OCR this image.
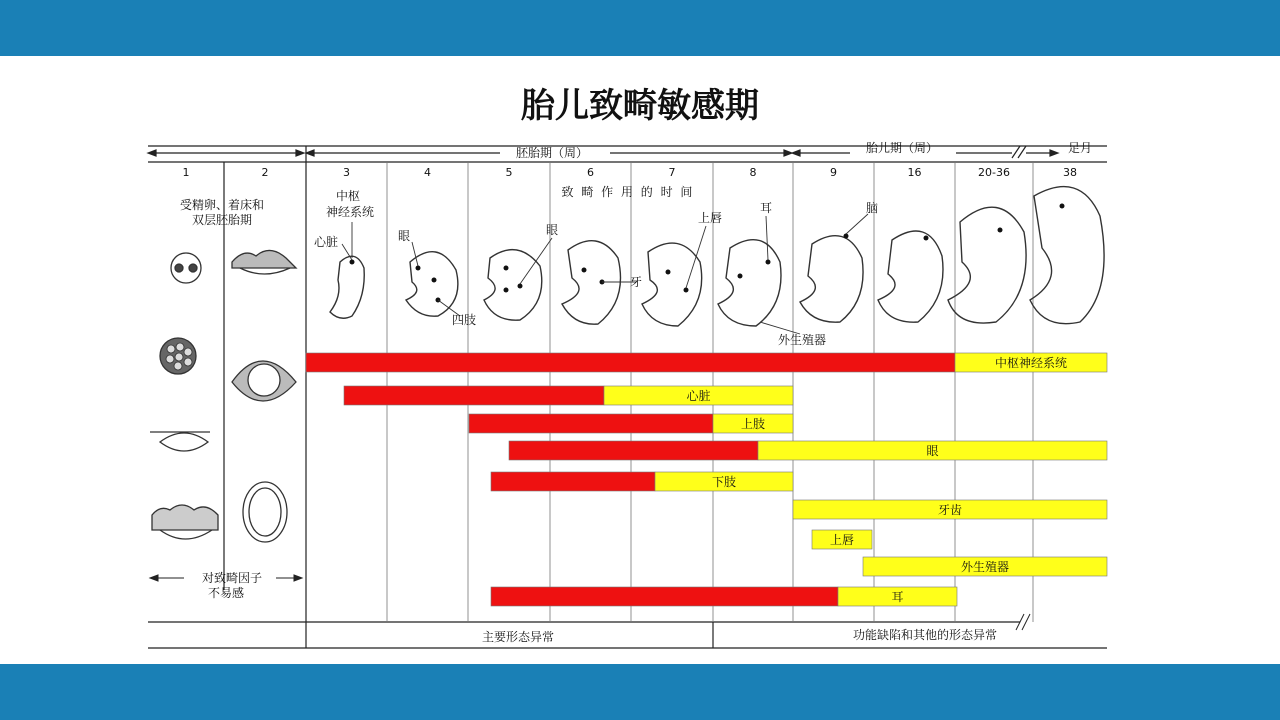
胎儿致畸敏感期
胚胎期（周）	胎儿期（周）	足月
1	2	3	4	5	6	7	8	9	16	20-36	38
致 畸 作 用 的 时 间
受精卵、着床和
双层胚胎期
对致畸因子
不易感
中枢
神经系统
心脏	眼	眼
四肢
上唇
耳
牙
脑
外生殖器
中枢神经系统
心脏
上肢
眼
下肢
牙齿
上唇
外生殖器
耳
主要形态异常	功能缺陷和其他的形态异常
